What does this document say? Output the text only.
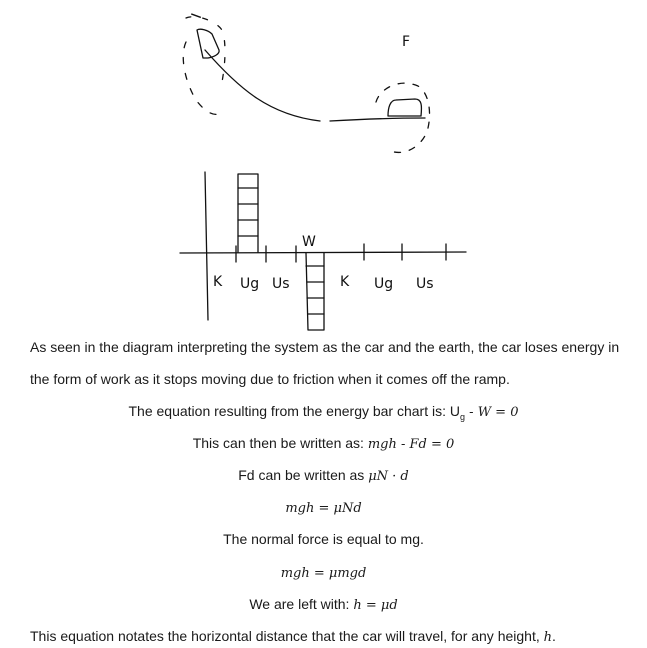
I
F
W
K Ug Us	K Ug Us
As seen in the diagram interpreting the system as the car and the earth, the car loses energy in
the form of work as it stops moving due to friction when it comes off the ramp.
The equation resulting from the energy bar chart is: $U_g - W = 0$
This can then be written as: mgh - Fd = 0
Fd can be written as μN · d
mgh = μNd
The normal force is equal to mg.
mgh = μmgd
We are left with: h = μd
This equation notates the horizontal distance that the car will travel, for any height, h.
